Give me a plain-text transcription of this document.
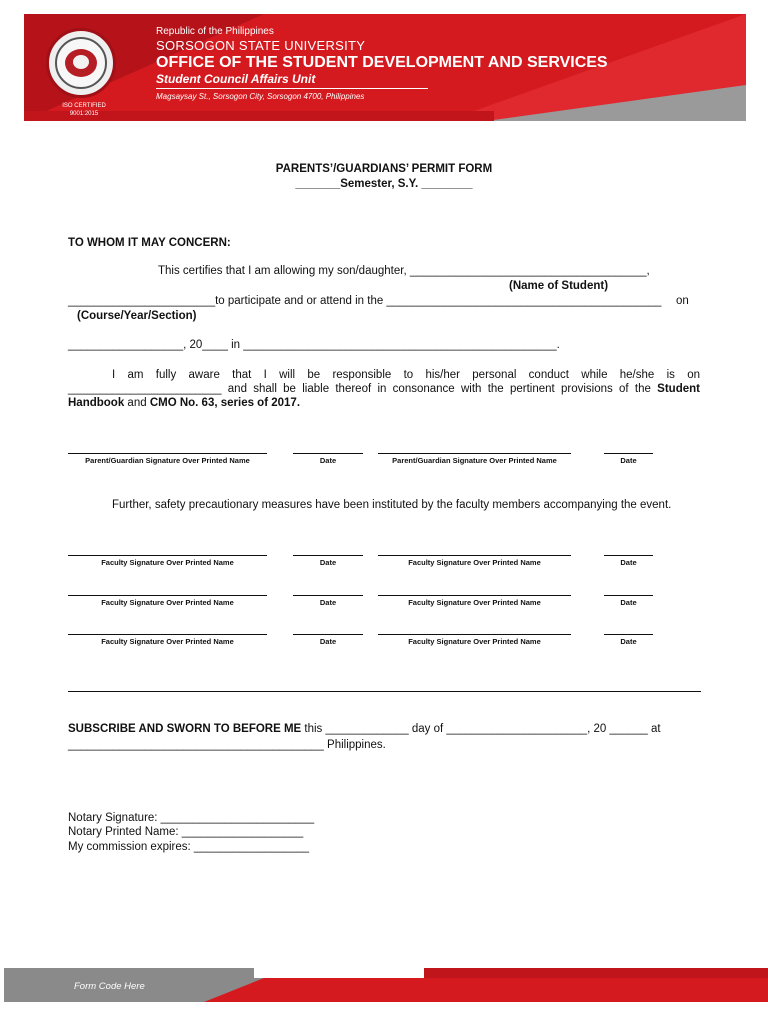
ISO CERTIFIED
9001:2015
Republic of the Philippines
SORSOGON STATE UNIVERSITY
OFFICE OF THE STUDENT DEVELOPMENT AND SERVICES
Student Council Affairs Unit
Magsaysay St., Sorsogon City, Sorsogon 4700, Philippines
PARENTS’/GUARDIANS’ PERMIT FORM
_______Semester, S.Y. ________
TO WHOM IT MAY CONCERN:
This certifies that I am allowing my son/daughter, _____________________________________,
(Name of Student)
_______________________to participate and or attend in the ___________________________________________ on
(Course/Year/Section)
__________________, 20____ in _________________________________________________.
I am fully aware that I will be responsible to his/her personal conduct while he/she is on ________________________ and shall be liable thereof in consonance with the pertinent provisions of the Student Handbook and CMO No. 63, series of 2017.
Parent/Guardian Signature Over Printed Name	Date	Parent/Guardian Signature Over Printed Name	Date
Further, safety precautionary measures have been instituted by the faculty members accompanying the event.
Faculty Signature Over Printed Name	Date	Faculty Signature Over Printed Name	Date
Faculty Signature Over Printed Name	Date	Faculty Signature Over Printed Name	Date
Faculty Signature Over Printed Name	Date	Faculty Signature Over Printed Name	Date
SUBSCRIBE AND SWORN TO BEFORE ME this _____________ day of ______________________, 20 ______ at
________________________________________ Philippines.
Notary Signature: ________________________
Notary Printed Name: ___________________
My commission expires: __________________
Form Code Here
